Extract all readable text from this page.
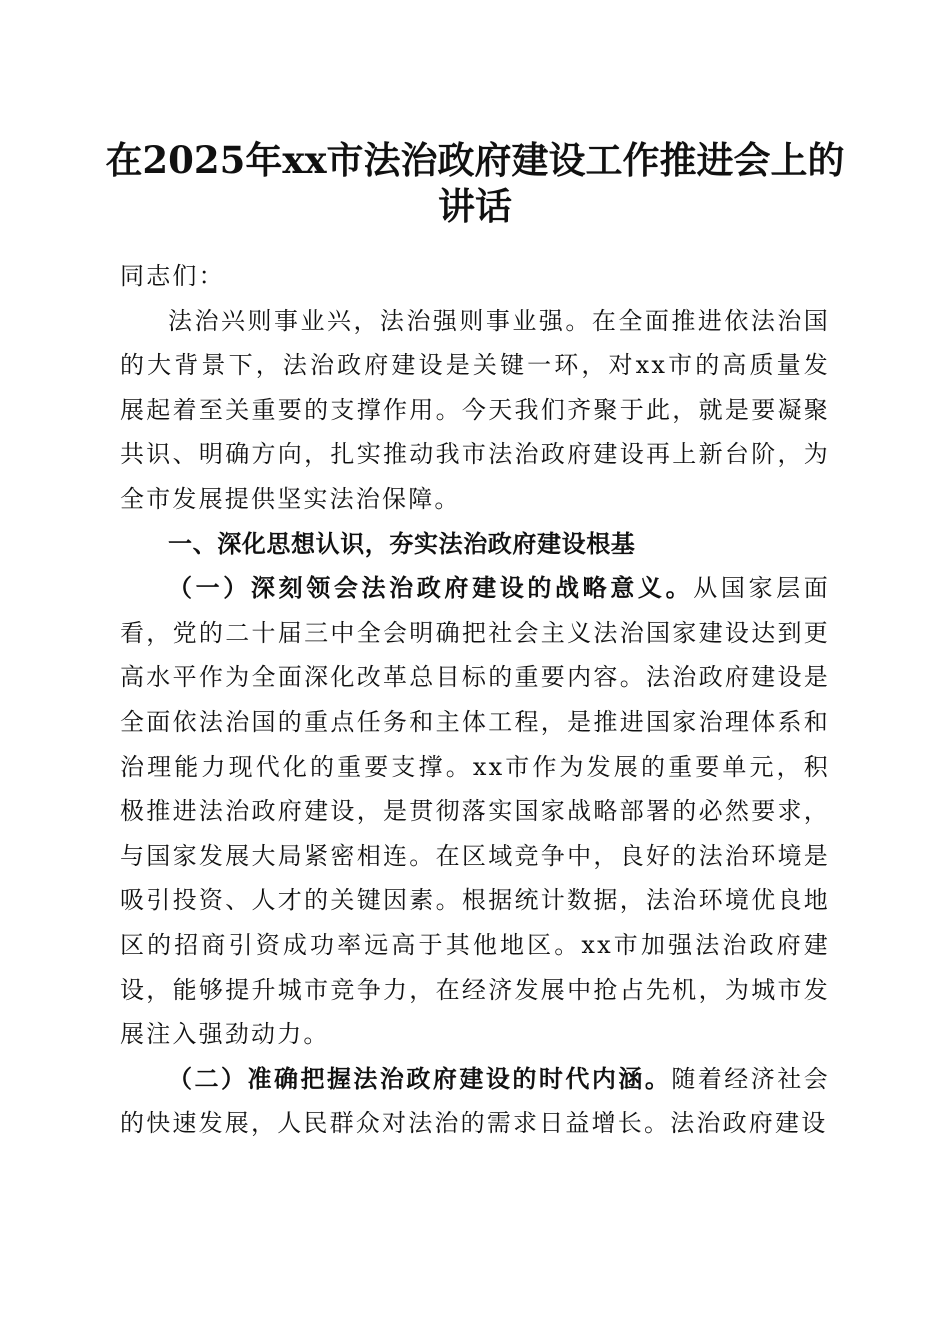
在2025年xx市法治政府建设工作推进会上的
讲话

同志们：

法治兴则事业兴，法治强则事业强。在全面推进依法治国的大背景下，法治政府建设是关键一环，对xx市的高质量发展起着至关重要的支撑作用。今天我们齐聚于此，就是要凝聚共识、明确方向，扎实推动我市法治政府建设再上新台阶，为全市发展提供坚实法治保障。

一、深化思想认识，夯实法治政府建设根基

（一）深刻领会法治政府建设的战略意义。从国家层面看，党的二十届三中全会明确把社会主义法治国家建设达到更高水平作为全面深化改革总目标的重要内容。法治政府建设是全面依法治国的重点任务和主体工程，是推进国家治理体系和治理能力现代化的重要支撑。xx市作为发展的重要单元，积极推进法治政府建设，是贯彻落实国家战略部署的必然要求，与国家发展大局紧密相连。在区域竞争中，良好的法治环境是吸引投资、人才的关键因素。根据统计数据，法治环境优良地区的招商引资成功率远高于其他地区。xx市加强法治政府建设，能够提升城市竞争力，在经济发展中抢占先机，为城市发展注入强劲动力。

（二）准确把握法治政府建设的时代内涵。随着经济社会的快速发展，人民群众对法治的需求日益增长。法治政府建设
